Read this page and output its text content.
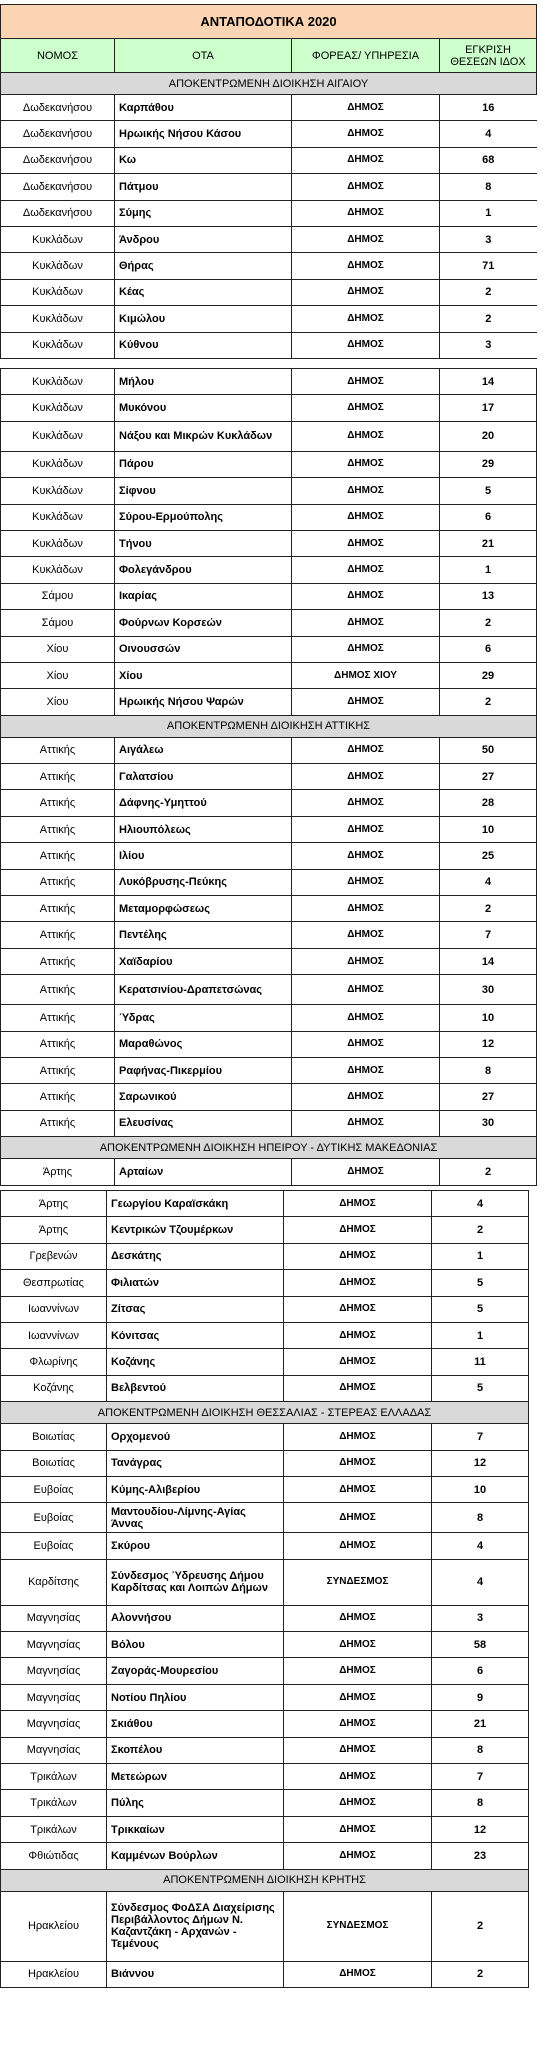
ΑΝΤΑΠΟΔΟΤΙΚΑ 2020			
ΝΟΜΟΣ	ΟΤΑ	ΦΟΡΕΑΣ/ ΥΠΗΡΕΣΙΑ	ΕΓΚΡΙΣΗ ΘΕΣΕΩΝ ΙΔΟΧ
ΑΠΟΚΕΝΤΡΩΜΕΝΗ ΔΙΟΙΚΗΣΗ ΑΙΓΑΙΟΥ			
Δωδεκανήσου	Καρπάθου	ΔΗΜΟΣ	16
Δωδεκανήσου	Ηρωικής Νήσου Κάσου	ΔΗΜΟΣ	4
Δωδεκανήσου	Κω	ΔΗΜΟΣ	68
Δωδεκανήσου	Πάτμου	ΔΗΜΟΣ	8
Δωδεκανήσου	Σύμης	ΔΗΜΟΣ	1
Κυκλάδων	Άνδρου	ΔΗΜΟΣ	3
Κυκλάδων	Θήρας	ΔΗΜΟΣ	71
Κυκλάδων	Κέας	ΔΗΜΟΣ	2
Κυκλάδων	Κιμώλου	ΔΗΜΟΣ	2
Κυκλάδων	Κύθνου	ΔΗΜΟΣ	3
Κυκλάδων	Μήλου	ΔΗΜΟΣ	14
Κυκλάδων	Μυκόνου	ΔΗΜΟΣ	17
Κυκλάδων	Νάξου και Μικρών Κυκλάδων	ΔΗΜΟΣ	20
Κυκλάδων	Πάρου	ΔΗΜΟΣ	29
Κυκλάδων	Σίφνου	ΔΗΜΟΣ	5
Κυκλάδων	Σύρου-Ερμούπολης	ΔΗΜΟΣ	6
Κυκλάδων	Τήνου	ΔΗΜΟΣ	21
Κυκλάδων	Φολεγάνδρου	ΔΗΜΟΣ	1
Σάμου	Ικαρίας	ΔΗΜΟΣ	13
Σάμου	Φούρνων Κορσεών	ΔΗΜΟΣ	2
Χίου	Οινουσσών	ΔΗΜΟΣ	6
Χίου	Χίου	ΔΗΜΟΣ ΧΙΟΥ	29
Χίου	Ηρωικής Νήσου Ψαρών	ΔΗΜΟΣ	2
ΑΠΟΚΕΝΤΡΩΜΕΝΗ ΔΙΟΙΚΗΣΗ ΑΤΤΙΚΗΣ			
Αττικής	Αιγάλεω	ΔΗΜΟΣ	50
Αττικής	Γαλατσίου	ΔΗΜΟΣ	27
Αττικής	Δάφνης-Υμηττού	ΔΗΜΟΣ	28
Αττικής	Ηλιουπόλεως	ΔΗΜΟΣ	10
Αττικής	Ιλίου	ΔΗΜΟΣ	25
Αττικής	Λυκόβρυσης-Πεύκης	ΔΗΜΟΣ	4
Αττικής	Μεταμορφώσεως	ΔΗΜΟΣ	2
Αττικής	Πεντέλης	ΔΗΜΟΣ	7
Αττικής	Χαϊδαρίου	ΔΗΜΟΣ	14
Αττικής	Κερατσινίου-Δραπετσώνας	ΔΗΜΟΣ	30
Αττικής	Ύδρας	ΔΗΜΟΣ	10
Αττικής	Μαραθώνος	ΔΗΜΟΣ	12
Αττικής	Ραφήνας-Πικερμίου	ΔΗΜΟΣ	8
Αττικής	Σαρωνικού	ΔΗΜΟΣ	27
Αττικής	Ελευσίνας	ΔΗΜΟΣ	30
ΑΠΟΚΕΝΤΡΩΜΕΝΗ ΔΙΟΙΚΗΣΗ ΗΠΕΙΡΟΥ - ΔΥΤΙΚΗΣ ΜΑΚΕΔΟΝΙΑΣ			
Άρτης	Αρταίων	ΔΗΜΟΣ	2
Άρτης	Γεωργίου Καραϊσκάκη	ΔΗΜΟΣ	4
Άρτης	Κεντρικών Τζουμέρκων	ΔΗΜΟΣ	2
Γρεβενών	Δεσκάτης	ΔΗΜΟΣ	1
Θεσπρωτίας	Φιλιατών	ΔΗΜΟΣ	5
Ιωαννίνων	Ζίτσας	ΔΗΜΟΣ	5
Ιωαννίνων	Κόνιτσας	ΔΗΜΟΣ	1
Φλωρίνης	Κοζάνης	ΔΗΜΟΣ	11
Κοζάνης	Βελβεντού	ΔΗΜΟΣ	5
ΑΠΟΚΕΝΤΡΩΜΕΝΗ ΔΙΟΙΚΗΣΗ ΘΕΣΣΑΛΙΑΣ - ΣΤΕΡΕΑΣ ΕΛΛΑΔΑΣ			
Βοιωτίας	Ορχομενού	ΔΗΜΟΣ	7
Βοιωτίας	Τανάγρας	ΔΗΜΟΣ	12
Ευβοίας	Κύμης-Αλιβερίου	ΔΗΜΟΣ	10
Ευβοίας	Μαντουδίου-Λίμνης-Αγίας Άννας	ΔΗΜΟΣ	8
Ευβοίας	Σκύρου	ΔΗΜΟΣ	4
Καρδίτσης	Σύνδεσμος Ύδρευσης Δήμου Καρδίτσας και Λοιπών Δήμων	ΣΥΝΔΕΣΜΟΣ	4
Μαγνησίας	Αλοννήσου	ΔΗΜΟΣ	3
Μαγνησίας	Βόλου	ΔΗΜΟΣ	58
Μαγνησίας	Ζαγοράς-Μουρεσίου	ΔΗΜΟΣ	6
Μαγνησίας	Νοτίου Πηλίου	ΔΗΜΟΣ	9
Μαγνησίας	Σκιάθου	ΔΗΜΟΣ	21
Μαγνησίας	Σκοπέλου	ΔΗΜΟΣ	8
Τρικάλων	Μετεώρων	ΔΗΜΟΣ	7
Τρικάλων	Πύλης	ΔΗΜΟΣ	8
Τρικάλων	Τρικκαίων	ΔΗΜΟΣ	12
Φθιώτιδας	Καμμένων Βούρλων	ΔΗΜΟΣ	23
ΑΠΟΚΕΝΤΡΩΜΕΝΗ ΔΙΟΙΚΗΣΗ ΚΡΗΤΗΣ			
Ηρακλείου	Σύνδεσμος ΦοΔΣΑ Διαχείρισης Περιβάλλοντος Δήμων Ν. Καζαντζάκη - Αρχανών - Τεμένους	ΣΥΝΔΕΣΜΟΣ	2
Ηρακλείου	Βιάννου	ΔΗΜΟΣ	2
